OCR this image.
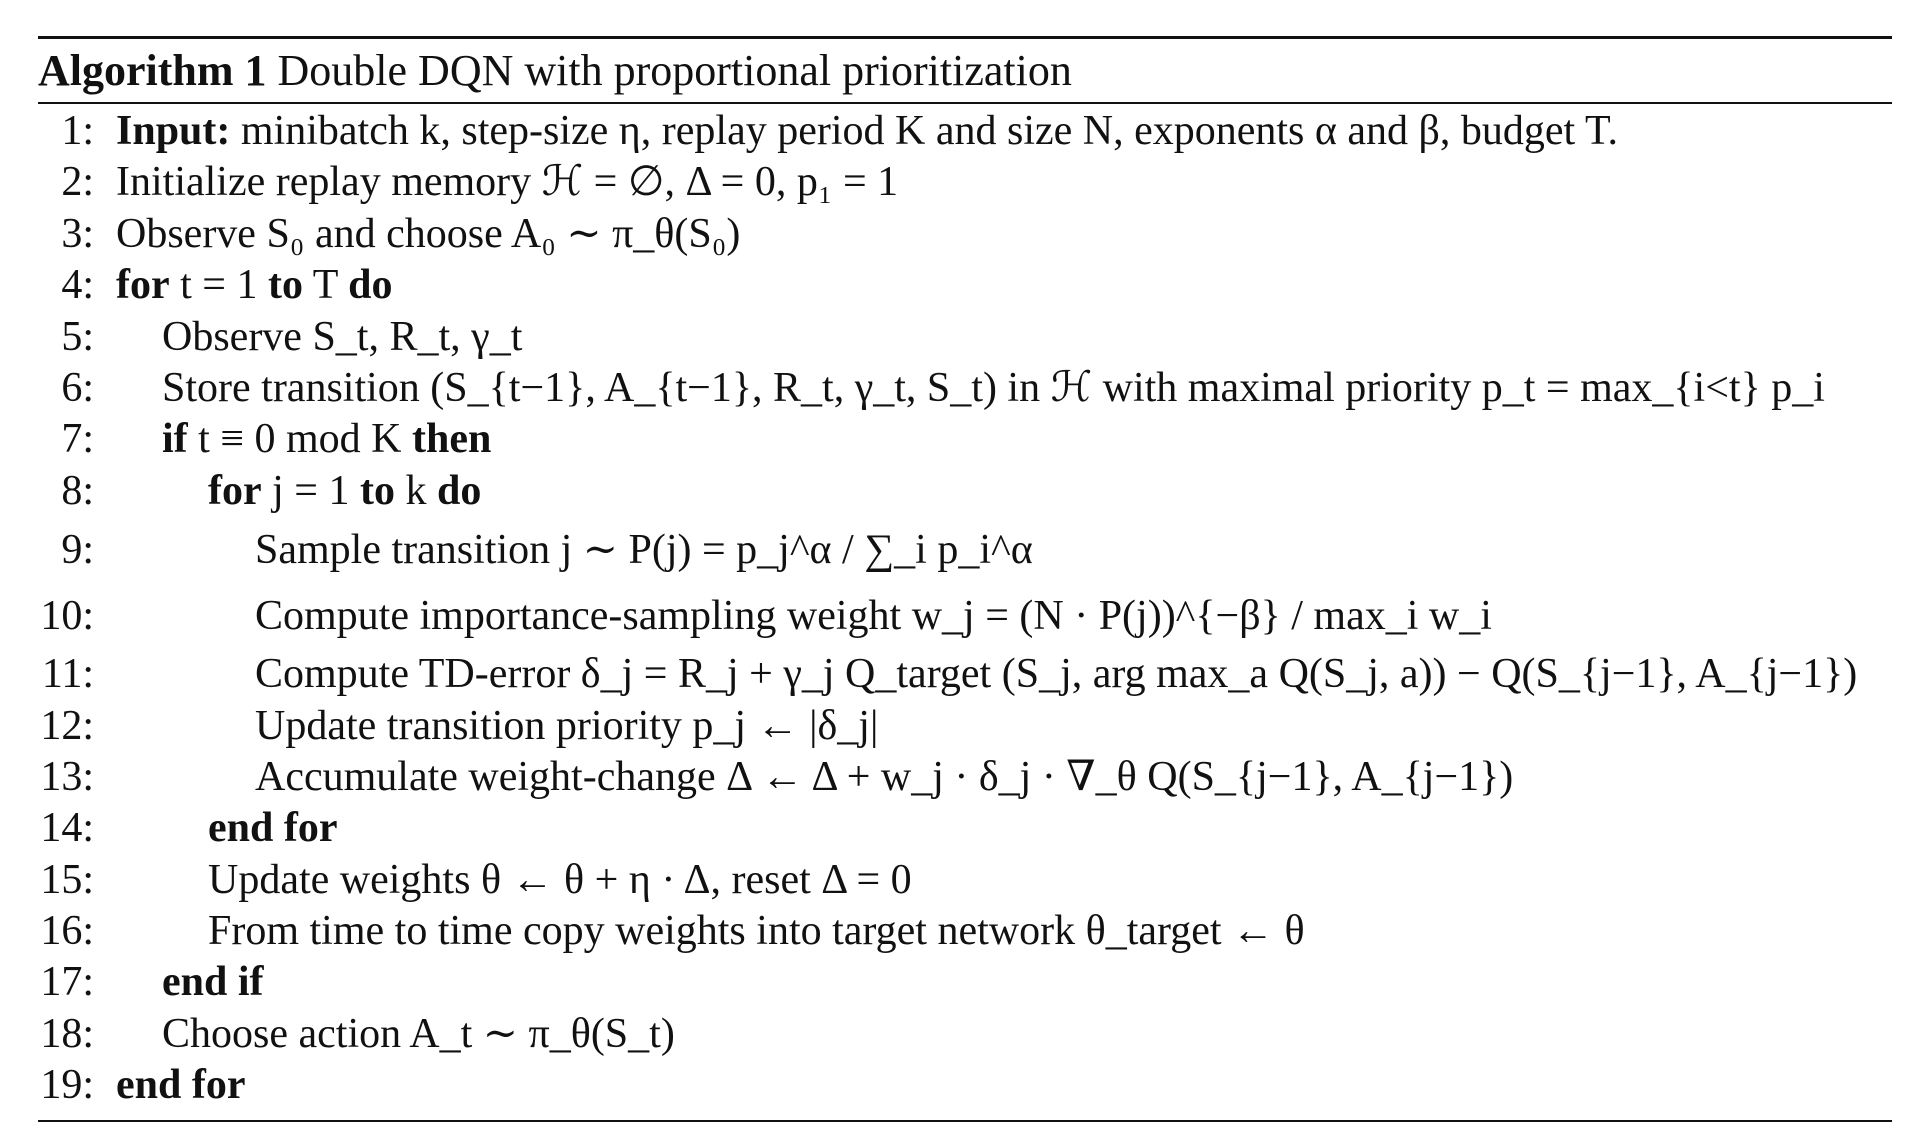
Algorithm 1 Double DQN with proportional prioritization
1: Input: minibatch k, step-size η, replay period K and size N, exponents α and β, budget T.
2: Initialize replay memory ℋ = ∅, Δ = 0, p₁ = 1
3: Observe S₀ and choose A₀ ∼ π_θ(S₀)
4: for t = 1 to T do
5:	Observe S_t, R_t, γ_t
6:	Store transition (S_{t−1}, A_{t−1}, R_t, γ_t, S_t) in ℋ with maximal priority p_t = max_{i<t} p_i
7:	if t ≡ 0 mod K then
8:	for j = 1 to k do
9:	Sample transition j ∼ P(j) = p_j^α / ∑_i p_i^α
10:	Compute importance-sampling weight w_j = (N · P(j))^{−β} / max_i w_i
11:	Compute TD-error δ_j = R_j + γ_j Q_target (S_j, arg max_a Q(S_j, a)) − Q(S_{j−1}, A_{j−1})
12:	Update transition priority p_j ← |δ_j|
13:	Accumulate weight-change Δ ← Δ + w_j · δ_j · ∇_θ Q(S_{j−1}, A_{j−1})
14:	end for
15:	Update weights θ ← θ + η · Δ, reset Δ = 0
16:	From time to time copy weights into target network θ_target ← θ
17:	end if
18:	Choose action A_t ∼ π_θ(S_t)
19: end for
